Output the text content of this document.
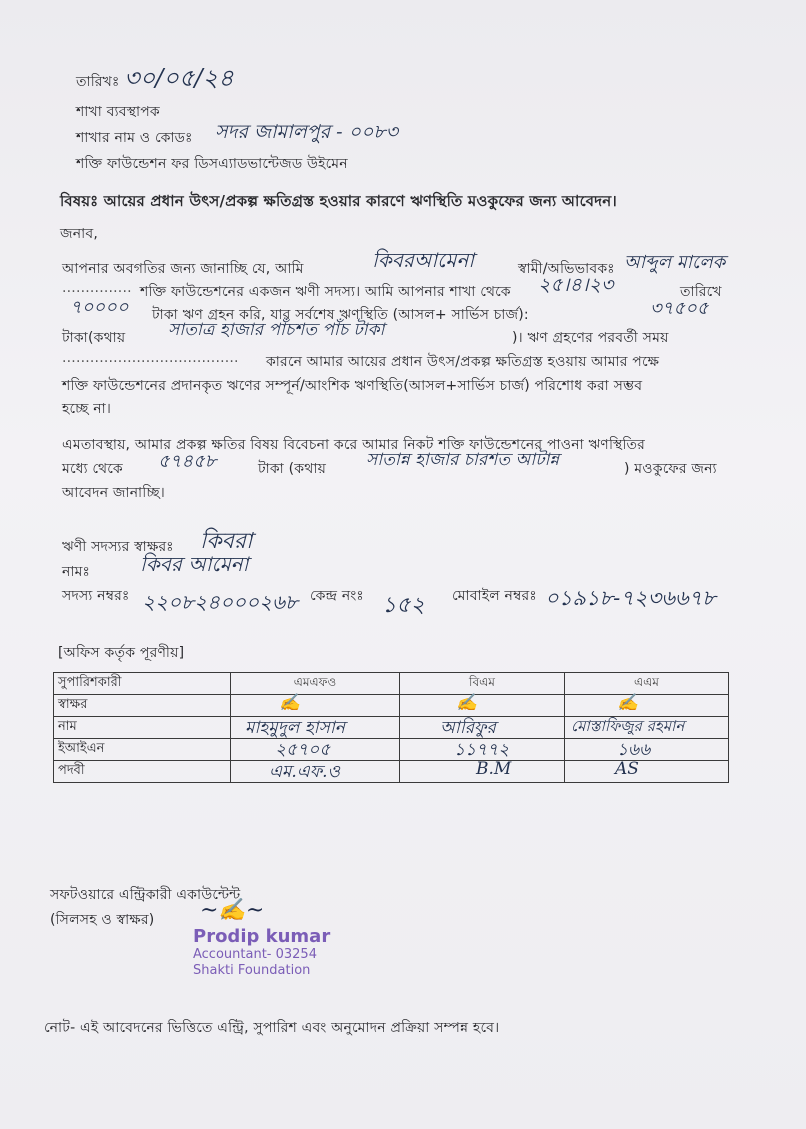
তারিখঃ ৩০/০৫/২৪
শাখা ব্যবস্থাপক
শাখার নাম ও কোডঃ সদর জামালপুর - ০০৮৩
শক্তি ফাউন্ডেশন ফর ডিসএ্যাডভান্টেজড উইমেন
বিষয়ঃ আয়ের প্রধান উৎস/প্রকল্প ক্ষতিগ্রস্ত হওয়ার কারণে ঋণস্থিতি মওকুফের জন্য আবেদন।
জনাব,
আপনার অবগতির জন্য জানাচ্ছি যে, আমি	কিবরআমেনা	স্বামী/অভিভাবকঃ আব্দুল মালেক
............... শক্তি ফাউন্ডেশনের একজন ঋণী সদস্য। আমি আপনার শাখা থেকে ২৫।৪।২৩	তারিখে
৭০০০০ টাকা ঋণ গ্রহন করি, যার সর্বশেষ ঋণস্থিতি (আসল+ সার্ভিস চার্জ):	৩৭৫০৫
টাকা(কথায়	সাতাত্র হাজার পাঁচশত পাঁচ টাকা	)। ঋণ গ্রহণের পরবর্তী সময়
...................................... কারনে আমার আয়ের প্রধান উৎস/প্রকল্প ক্ষতিগ্রস্ত হওয়ায় আমার পক্ষে
শক্তি ফাউন্ডেশনের প্রদানকৃত ঋণের সম্পূর্ন/আংশিক ঋণস্থিতি(আসল+সার্ভিস চার্জ) পরিশোধ করা সম্ভব
হচ্ছে না।
এমতাবস্থায়, আমার প্রকল্প ক্ষতির বিষয় বিবেচনা করে আমার নিকট শক্তি ফাউন্ডেশনের পাওনা ঋণস্থিতির
মধ্যে থেকে ৫৭৪৫৮	টাকা (কথায় সাতান্ন হাজার চারশত আটান্ন	) মওকুফের জন্য
আবেদন জানাচ্ছি।
ঋণী সদস্যর স্বাক্ষরঃ কিবরা
নামঃ কিবর আমেনা
সদস্য নম্বরঃ ২২০৮২৪০০০২৬৮ কেন্দ্র নংঃ ১৫২ মোবাইল নম্বরঃ ০১৯১৮-৭২৩৬৬৭৮
[অফিস কর্তৃক পূরণীয়]
সুপারিশকারী	এমএফও	বিএম	এএম
স্বাক্ষর	✍	✍	✍

নাম	মাহমুদুল হাসান	আরিফুর	মোস্তাফিজুর রহমান

ইআইএন	২৫৭০৫	১১৭৭২	১৬৬

পদবী	এম.এফ.ও	B.M	AS
সফটওয়ারে এন্ট্রিকারী একাউন্টেন্ট
(সিলসহ ও স্বাক্ষর) ~✍~
Prodip kumar
Accountant- 03254
Shakti Foundation
নোট- এই আবেদনের ভিত্তিতে এন্ট্রি, সুপারিশ এবং অনুমোদন প্রক্রিয়া সম্পন্ন হবে।
